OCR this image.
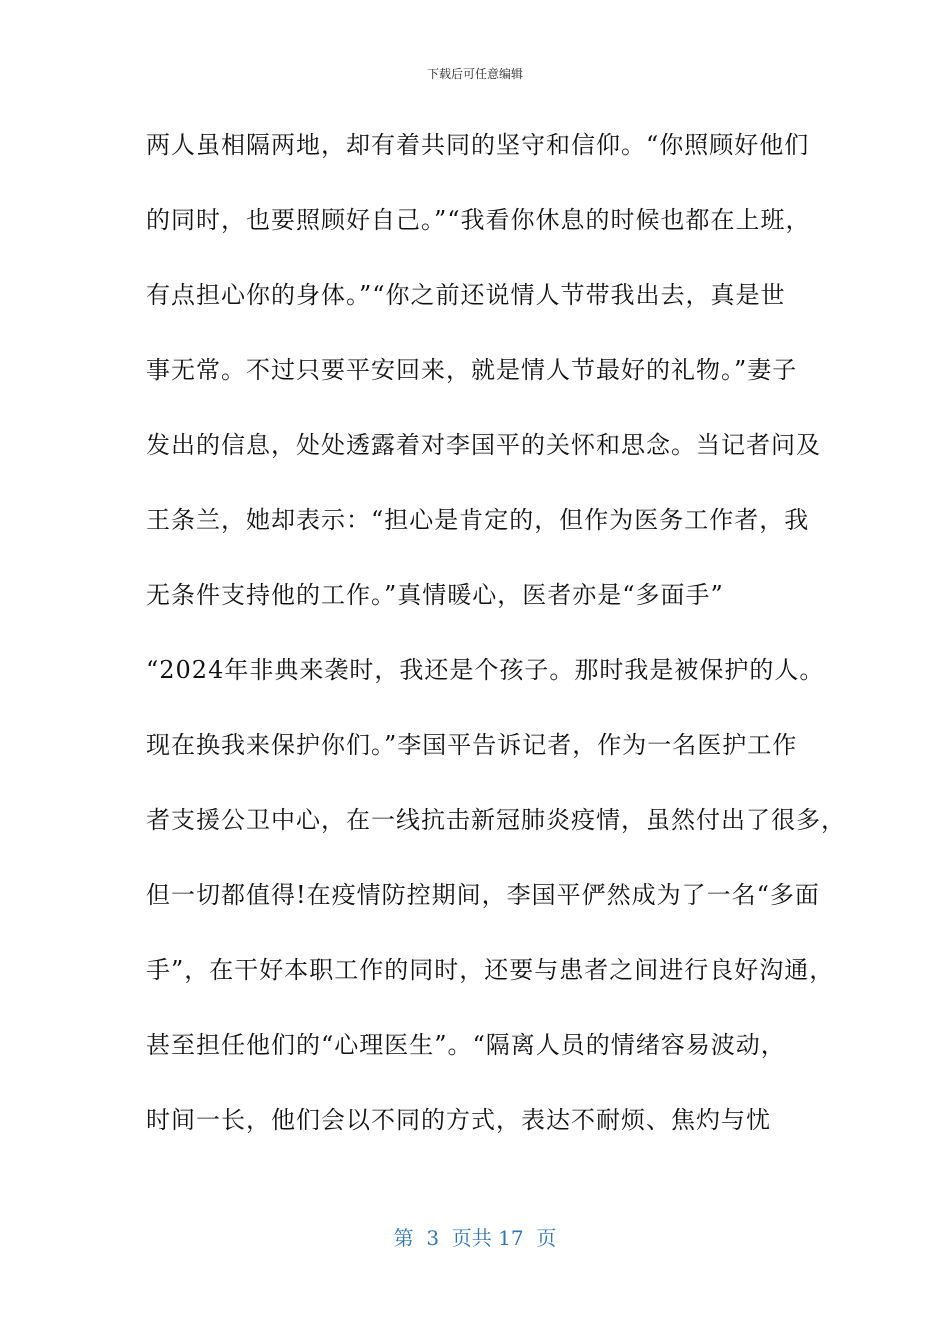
下载后可任意编辑
两人虽相隔两地，却有着共同的坚守和信仰。“你照顾好他们
的同时，也要照顾好自己。”“我看你休息的时候也都在上班，
有点担心你的身体。”“你之前还说情人节带我出去，真是世
事无常。不过只要平安回来，就是情人节最好的礼物。”妻子
发出的信息，处处透露着对李国平的关怀和思念。当记者问及
王条兰，她却表示：“担心是肯定的，但作为医务工作者，我
无条件支持他的工作。”真情暖心，医者亦是“多面手”
“2024年非典来袭时，我还是个孩子。那时我是被保护的人。
现在换我来保护你们。”李国平告诉记者，作为一名医护工作
者支援公卫中心，在一线抗击新冠肺炎疫情，虽然付出了很多，
但一切都值得!在疫情防控期间，李国平俨然成为了一名“多面
手”，在干好本职工作的同时，还要与患者之间进行良好沟通，
甚至担任他们的“心理医生”。“隔离人员的情绪容易波动，
时间一长，他们会以不同的方式，表达不耐烦、焦灼与忧
第  3  页共 17  页
